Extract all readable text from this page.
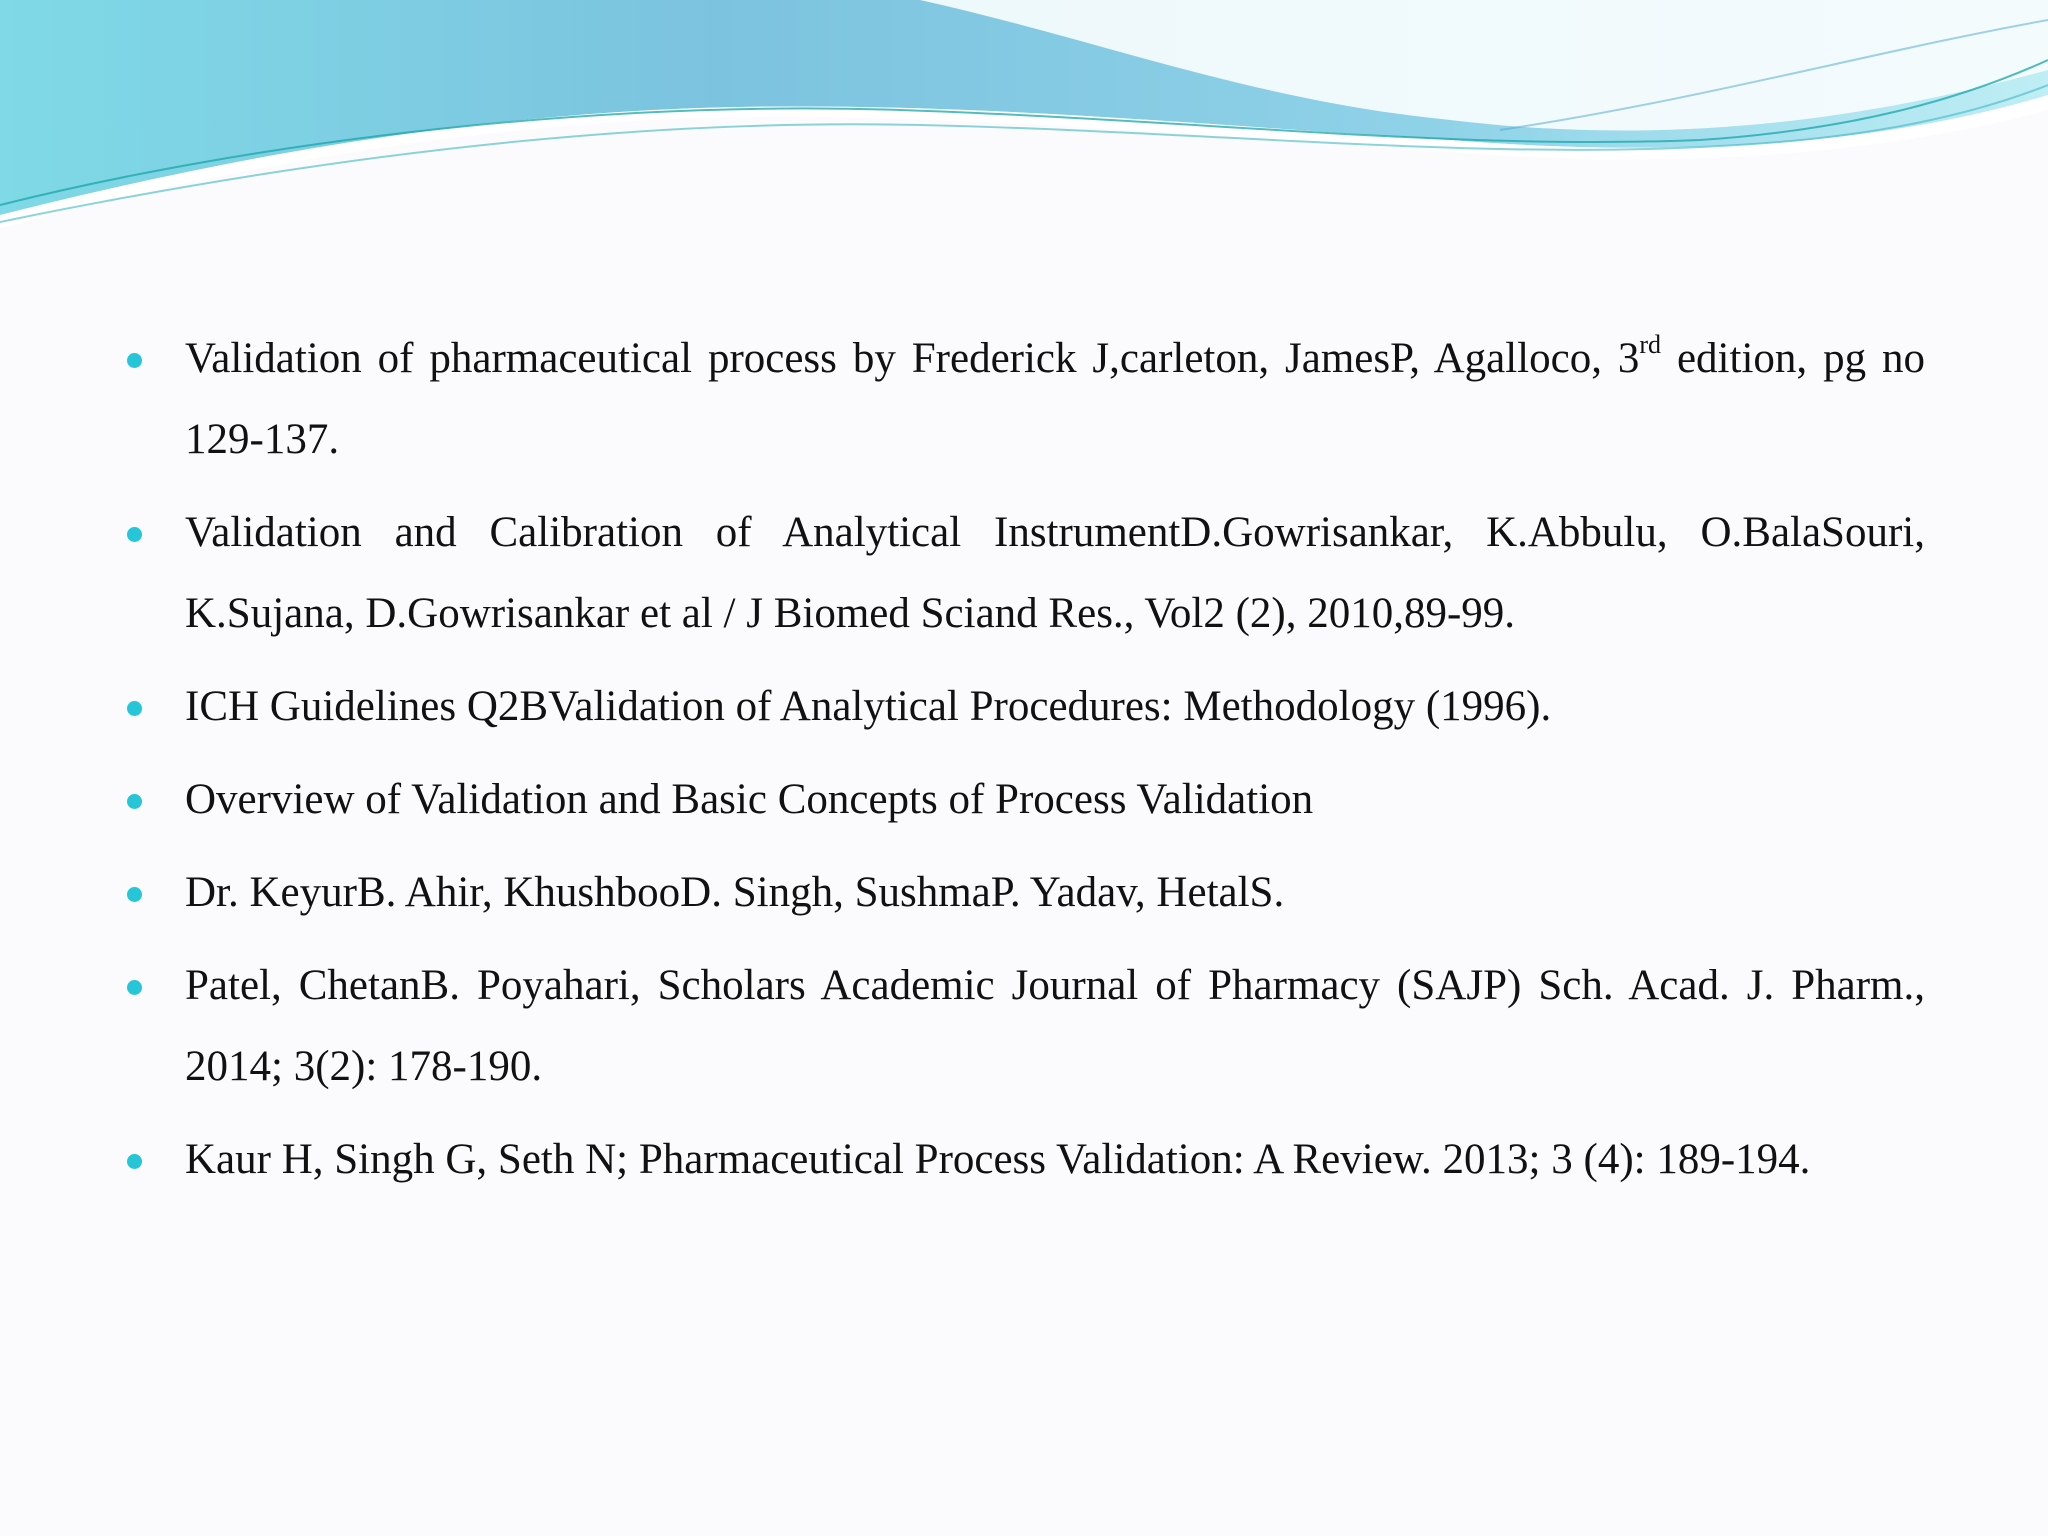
Validation of pharmaceutical process by Frederick J,carleton, JamesP, Agalloco, 3rd edition, pg no 129-137.
Validation and Calibration of Analytical InstrumentD.Gowrisankar, K.Abbulu, O.BalaSouri, K.Sujana, D.Gowrisankar et al / J Biomed Sciand Res., Vol2 (2), 2010,89-99.
ICH Guidelines Q2BValidation of Analytical Procedures: Methodology (1996).
Overview of Validation and Basic Concepts of Process Validation
Dr. KeyurB. Ahir, KhushbooD. Singh, SushmaP. Yadav, HetalS.
Patel, ChetanB. Poyahari, Scholars Academic Journal of Pharmacy (SAJP) Sch. Acad. J. Pharm., 2014; 3(2): 178-190.
Kaur H, Singh G, Seth N; Pharmaceutical Process Validation: A Review. 2013; 3 (4): 189-194.
